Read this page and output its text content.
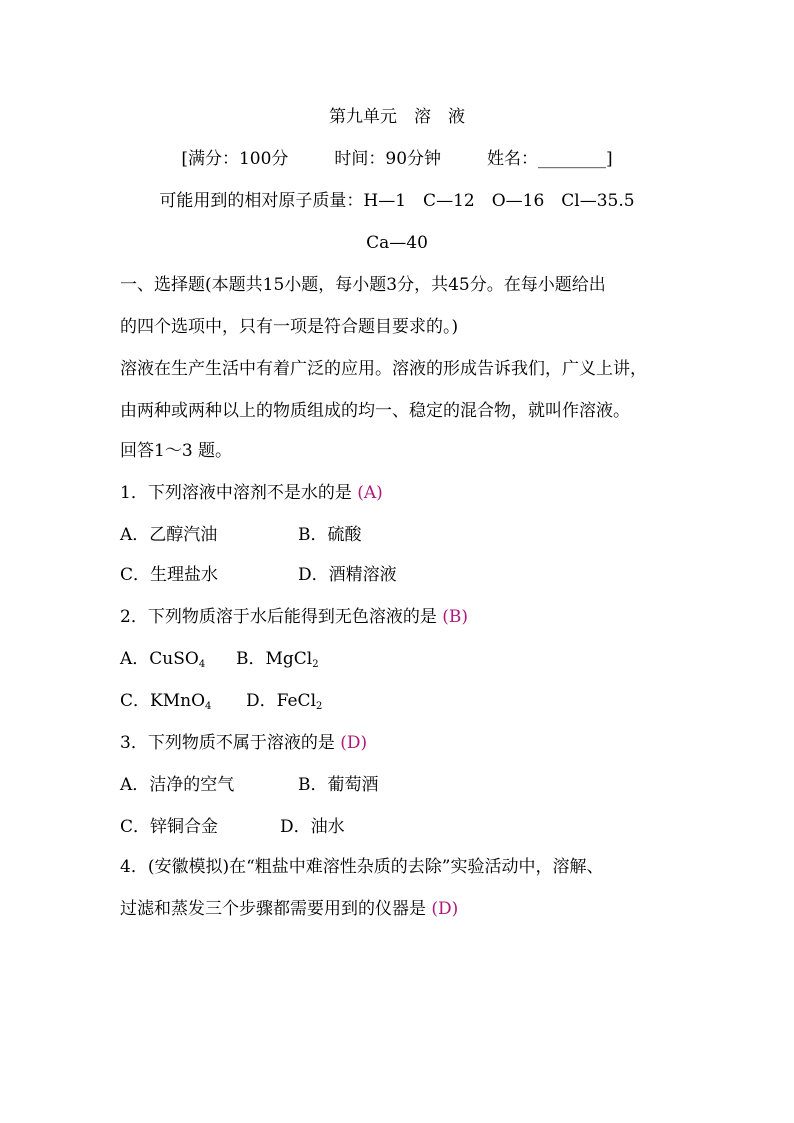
第九单元　溶　液
[满分：100分	时间：90分钟	姓名：________]
可能用到的相对原子质量：H—1　C—12　O—16　Cl—35.5
Ca—40
一、选择题(本题共15小题，每小题3分，共45分。在每小题给出
的四个选项中，只有一项是符合题目要求的。)
溶液在生产生活中有着广泛的应用。溶液的形成告诉我们，广义上讲，
由两种或两种以上的物质组成的均一、稳定的混合物，就叫作溶液。
回答1～3 题。
1．下列溶液中溶剂不是水的是 (A)
A．乙醇汽油	B．硫酸
C．生理盐水	D．酒精溶液
2．下列物质溶于水后能得到无色溶液的是 (B)
A．CuSO$_4$ B．MgCl$_2$
C．KMnO$_4$ D．FeCl$_2$
3．下列物质不属于溶液的是 (D)
A．洁净的空气	B．葡萄酒
C．锌铜合金	D．油水
4．(安徽模拟)在“粗盐中难溶性杂质的去除”实验活动中，溶解、
过滤和蒸发三个步骤都需要用到的仪器是 (D)
